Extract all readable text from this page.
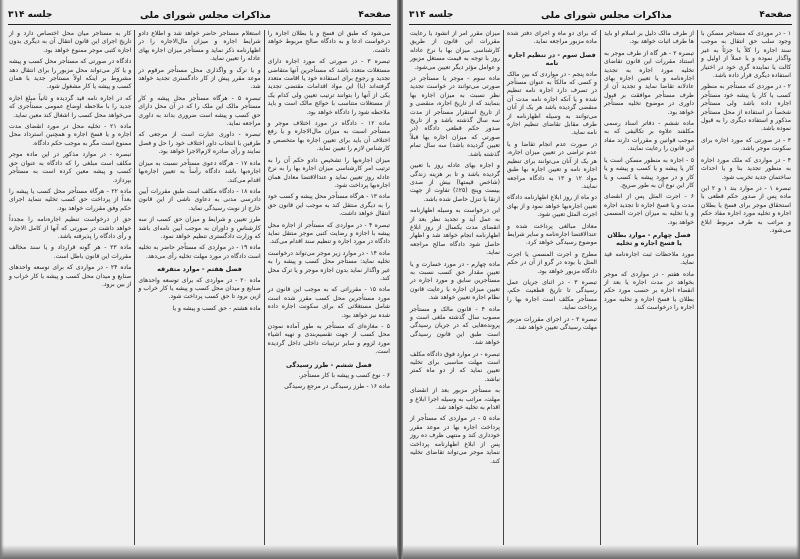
صفحه۴
مذاکرات مجلس شورای ملی
جلسه ۳۱۴

می‌شود که طبق آن فسخ و یا بطلان اجاره را درخواست ادعا و به دادگاه صالح مربوط خواهد داشت.

تبصره ۳ - در صورتی که مورد اجاره دارای مستغلات متعدد باشد که مستأجرین آنها متقاضی تجدید و رجوع برای استفاده خود یا اقامت متعدد گرفته‌اند (با) این مواد اقدامات مقتضی تجدید یکی از آنها را بتوانند ترتیب تعیین ولی کدام یک از مستغلات متناسب با حوائج مالک است و باید ملاحظه شود را دادگاه خواهد بود.

ماده ۱۲ - دادگاه در مورد اختلاف موجر و مستأجر اسبت به میزان مال‌الاجاره و یا رفع اختلاف آن باید برای تعیین اجاره بها متخصص و کارشناس لازم را تعیین نماید.

میزان اجاره‌بها را تشخیص دادو حکم آن را به ترتیب امر کارشناسی میزان اجاره بها را به نرخ عادله روز تعیین نماید و عند‌الاقتضا معادل همان اجاره‌بها پرداخت شود.

ماده ۱۳ - هرگاه مستأجر محل پیشه و کسب خود را به دیگری منتقل کند به موجب این قانون حق انتقال خواهد داشت.

تبصره ۴ - در مواردی که مستأجر از اجاره محل پیشه با اجازه و رضایت کتبی موجر منتقل نماید دادگاه در مورد اجاره و تنظیم سند اقدام می‌کند.

ماده ۱۴ - در موارد زیر موجر می‌تواند درخواست تخلیه نماید: مستأجر محل کسب و پیشه را به غیر واگذار نماید بدون اجازه موجر و یا ترک محل کند.

ماده ۱۵ - مقرراتی که به موجب این قانون در مورد مستأجرین محل کسب مقرر شده است شامل مستغلاتی که برای سکونت اجاره داده شده نیز خواهد بود.

۵ - مغازه‌ای که مستأجر به طور آماده نمودن محل کسب از جهت تقسیم‌بندی و تهیه اشیاء مورد لزوم و سایر ترتیبات داخلی داخل گردیده است.

فصل ششم - طرز رسیدگی

۶ - نوع کسب و پیشه با کار مستأجر.

ماده ۱۶ - طرز رسیدگی در مرجع رسیدگی

استعلام مستأجر حاضر خواهد شد و اطلاع دادو شرایط اجاره و میزان مال‌الاجاره را در اظهارنامه ذکر نماید و مستأجر میزان اجاره بهای عادله را تعیین نماید.

و یا ترک و واگذاری محل مستأجر مرقوم در موعد مقرر پیش از کار دادگستری تجدید خواهد شد.

تبصره ۵ - هرگاه مستأجر محل پیشه و کار مستأجر مالک این ملک را که در آن محل دارای حق کسب و پیشه است ضروری بداند به داوری مراجعه نماید.

تبصره - داوری عبارت است از مرجعی که طرفین با انتخاب داور اختلاف خود را حل و فصل نمایند و رأی صادره لازم‌الاجرا خواهد بود.

ماده ۱۷ - هرگاه دعوی مستأجر نسبت به میزان اجاره‌بها باشد دادگاه رأساً به تعیین اجاره‌بها اقدام می‌کند.

ماده ۱۸ - دادگاه مکلف است طبق مقررات آیین دادرسی مدنی به دعاوی ناشی از این قانون خارج از نوبت رسیدگی نماید.

طرز تعیین و شرایط و میزان حق کسب از سه کارشناس و داوران به موجب آیین نامه‌ای باشد که وزارت دادگستری تنظیم خواهد نمود.

ماده ۱۹ - در مواردی که مستأجر حاضر به تخلیه است دادگاه در مورد مهلت تخلیه رأی می‌دهد.

فصل هفتم - موارد متفرقه

ماده ۲۰ - در مواردی که برای توسعه واحدهای صنایع و میدان محل کسب و پیشه یا کار خراب و ازین برود تا حق کسب پرداخت شود.

ماده هشتم - حق کسب و پیشه و یا

کار به مستأجر میان محل اختصاص دارد و از تاریخ اجرای این قانون انتقال آن به دیگری بدون اجازه کتبی موجر ممنوع خواهد بود.

دادگاه در صورتی که مستأجر محل کسب و پیشه و یا کار می‌تواند محل مزبور را برای انتقال دهد مشروط بر اینکه اولاً مستأجر جدید با همان کسب و پیشه یا کار مشغول شود.

که در اجاره نامه قید گردیده و ثانیاً مبلغ اجاره جدید را با ملاحظه اوضاع عمومی مستأجری که می‌خواهد محل کسب را اشغال کند معین نماید.

ماده ۲۱ - تخلیه محل در مورد انقضای مدت اجاره و یا فسخ اجاره و همچنین استرداد محل ممنوع است مگر به موجب حکم دادگاه.

تبصره - در موارد مذکور در این ماده موجر مکلف است مبلغی را که دادگاه به عنوان حق کسب و پیشه معین کرده است به مستأجر بپردازد.

ماده ۲۲ - هرگاه مستأجر محل کسب یا پیشه را بعداً از پرداخت حق کسب تخلیه ننماید اجرای حکم وفق مقررات خواهد بود.

حق از درخواست تنظیم اجاره‌نامه را مجدداً خواهد داشت در صورتی که آنها از کامل الاجاره و رأی دادگاه را پذیرفته باشد.

ماده ۲۳ - هر گونه قرارداد و یا سند مخالف مقررات این قانون باطل است.

ماده ۲۴ - در مواردی که برای توسعه واحدهای صنایع و میدان محل کسب و پیشه یا کار خراب و از بین برود.

صفحه۴
مذاکرات مجلس شورای ملی
جلسه ۳۱۴

۱ - در موردی که مستأجر مسکن با وجود سلب حق انتقال به موجب سند اجاره را کلاً یا جزئاً به غیر واگذار نموده و یا عملاً از اولیل و کالت یا نماینده گری خود در اختیار استفاده دیگری قرار داده باشد.

۲ - در موردی که مستأجر به منظور کسب یا کار یا پیشه خود مستأجر اجاره داده باشد ولی مستأجر شخصاً در استفاده از محل مستأجر مذکور و استفاده دیگری را به قبول نموده باشد.

۳ - در صورتی که مورد اجاره برای سکونت موجر باشد.

۴ - در مواردی که ملک مورد اجاره به منظور تجدید بنا و یا احداث ساختمان جدید تخریب شود.

تبصره ۱ - در موارد بند ۱ و ۲ این ماده پس از صدور حکم قطعی با استحقاق موجر برای فسخ یا بطلان اجاره و تخلیه مورد اجاره مفاد حکم و مراتب به طرف مربوط ابلاغ می‌شود.

از طرف مالک دلیل بر اسلام او باید ها طرف اثبات خواهد بود.

تبصره ۲ - هر گاه از طرف موجر به استناد مقررات این قانون تقاضای تخلیه مورد اجاره به تجدید اجاره‌نامه و یا تعیین اجاره بهای عادلانه تقاضا نماید و تجدید آن از طرف مستأجر موافقت بر قبول داوری در موضوع تخلیه مستأجر خواهد بود.

ماده ششم - دفاتر اسناد رسمی مکلفند علاوه بر تکالیفی که به موجب قوانین و مقررات دارند مفاد این قانون را رعایت نمایند.

۵ - اجاره به منظور مسکن است یا کار یا پیشه و یا کسب و پیشه و یا کار و در مورد پیشه یا کسب و یا کار این نوع آن به طور صریح.

۶ - اجرت المثل پس از انقضای مدت و یا فسخ اجاره تا تجدید اجاره و یا تخلیه به میزان اجرت المسمی خواهد بود.

فصل چهارم - موارد بطلان یا فسخ اجاره و تخلیه

مورد ملاحظات ثبت اجاره‌نامه قید نماید.

ماده هفتم - در مواردی که موجر بخواهد در مدت اجاره یا بعد از انقضاء اجاره بر حسب مورد حکم بطلان یا فسخ اجاره و تخلیه مورد اجاره را درخواست کند.

که برای دو ماه و اجرای دفتر شده ماده مزبور مراجعه نماید.

فصل سوم - در تنظیم اجاره نامه

ماده پنجم - در مواردی که بین مالک و کسی که مالکاً به عنوان مستأجر در تصرف دارد اجاره نامه تنظیم شده و یا آنکه اجاره نامه مدت آن منقضی گردیده باشد هر یک از آنان می‌توانند به وسیله اظهارنامه از طرف مقابل تقاضای تنظیم اجاره نامه نماید.

در صورت عدم انجام تقاضا و یا عدم تراضی در تعیین میزان اجاره، هر یک از آنان می‌توانند برای تنظیم اجاره نامه و تعیین اجاره بها طبق مواد ۱۲ و ۱۳ به دادگاه مراجعه نمایند.

دو ماه از روز ابلاغ اظهارنامه دادگاه تعیین اجاره‌بها خواهد نمود و از بهای اجرت المثل تعیین شود.

معادل مبالغی پرداخت شده و عند‌الاقتضا اجاره‌نامه و سایر شرایط موضوع رسیدگی خواهد کرد.

مطرح و اجرت المسمی یا اجرت المثل یا بوده در گرو از آن در حکم دادگاه مزبور خواهد بود.

تبصره ۳ - در اثنای جریان عمل رسیدگی تا تاریخ قطعیت حکم، مستأجر مکلف است اجاره بها را پرداخت نماید.

تبصره ۲ - در اجرای مقررات مزبور مهلت رسیدگی تعیین خواهد شد.

میزان مقرر امر از انشود یا رعایت مقررات این قانون از طریق کارشناسی میزان بها با نرخ عادله روز با توجه به قیمت مستغل مزبور و عوامل مؤثر دیگر تعیین می‌شود.

ماده سوم - موجر یا مستأجر در صورتی می‌توانند در خواست تجدید نظر نسبت به میزان اجاره بها بنمایند که از تاریخ اجاره، منقضی و از تاریخ استقرار مستأجر از مدت سه سال گذشته باشد و از تاریخ صدور حکم قطعی دادگاه (در صورتی که میزان اجاره بها قبلاً تعیین گردیده باشد) سه سال تمام گذشته باشد.

و اجاره بهای عادله روز با تعیین گردیده باشد و تا بر هزینه زندگی (شاخص قیمتها) بیش از صدی بیست وپنج (۲۵٪) تفاوت از جهت ارتقا یا تنزل حاصل شده باشد.

این درخواست به وسیله اظهارنامه به عمل آید و تجدید نظر بعد از انقضای مدت یکسال از روز ابلاغ اظهارنامه انجام خواهد شد و اظهار حاصل شود دادگاه صالح مراجعه نماید.

ماده چهارم - در مورد خسارت و یا تعیین مقدار حق کسب نسبت به مستأجرین سابق و مورد اجاره در تعیین میزان اجاره با رعایت قانون نظام اجاره تعیین خواهد شد.

ماده ۴ - قانون مالک و مستأجر مصوب سال گذشته ملغی است و پرونده‌هایی که در جریان رسیدگی است طبق این قانون رسیدگی خواهد شد.

تبصره - در موارد فوق دادگاه مکلف است مهلت مناسبی برای تخلیه تعیین نماید که از دو ماه کمتر نباشد.

به مستأجر مزبور بعد از انقضای مهلت، مراتب به وسیله اجرا ابلاغ و اقدام به تخلیه خواهد شد.

ماده ۵ - در مواردی که مستأجر از پرداخت اجاره بها در موعد مقرر خودداری کند و منتهی ظرف ده روز پس از ابلاغ اظهارنامه پرداخت ننماید موجر می‌تواند تقاضای تخلیه کند.
